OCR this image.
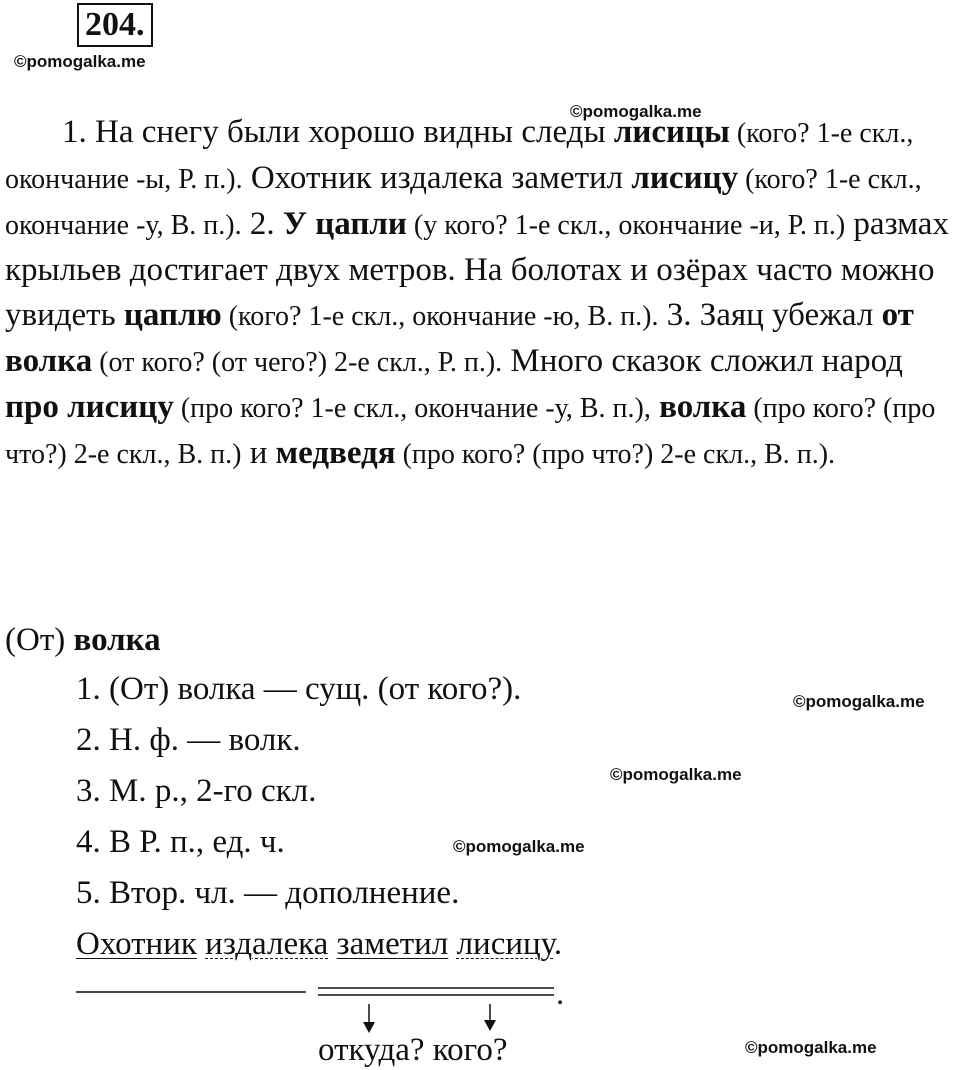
204.
©pomogalka.me
©pomogalka.me
©pomogalka.me
©pomogalka.me
©pomogalka.me
©pomogalka.me

1. На снегу были хорошо видны следы лисицы (кого? 1-е скл., окончание -ы, Р. п.). Охотник издалека заметил лисицу (кого? 1-е скл., окончание -у, В. п.). 2. У цапли (у кого? 1-е скл., окончание -и, Р. п.) размах крыльев достигает двух метров. На болотах и озёрах часто можно увидеть цаплю (кого? 1-е скл., окончание -ю, В. п.). 3. Заяц убежал от волка (от кого? (от чего?) 2-е скл., Р. п.). Много сказок сложил народ про лисицу (про кого? 1-е скл., окончание -у, В. п.), волка (про кого? (про что?) 2-е скл., В. п.) и медведя (про кого? (про что?) 2-е скл., В. п.).

(От) волка
1. (От) волка — сущ. (от кого?).
2. Н. ф. — волк.
3. М. р., 2-го скл.
4. В Р. п., ед. ч.
5. Втор. чл. — дополнение.
Охотник издалека заметил лисицу.
.
откуда? кого?
